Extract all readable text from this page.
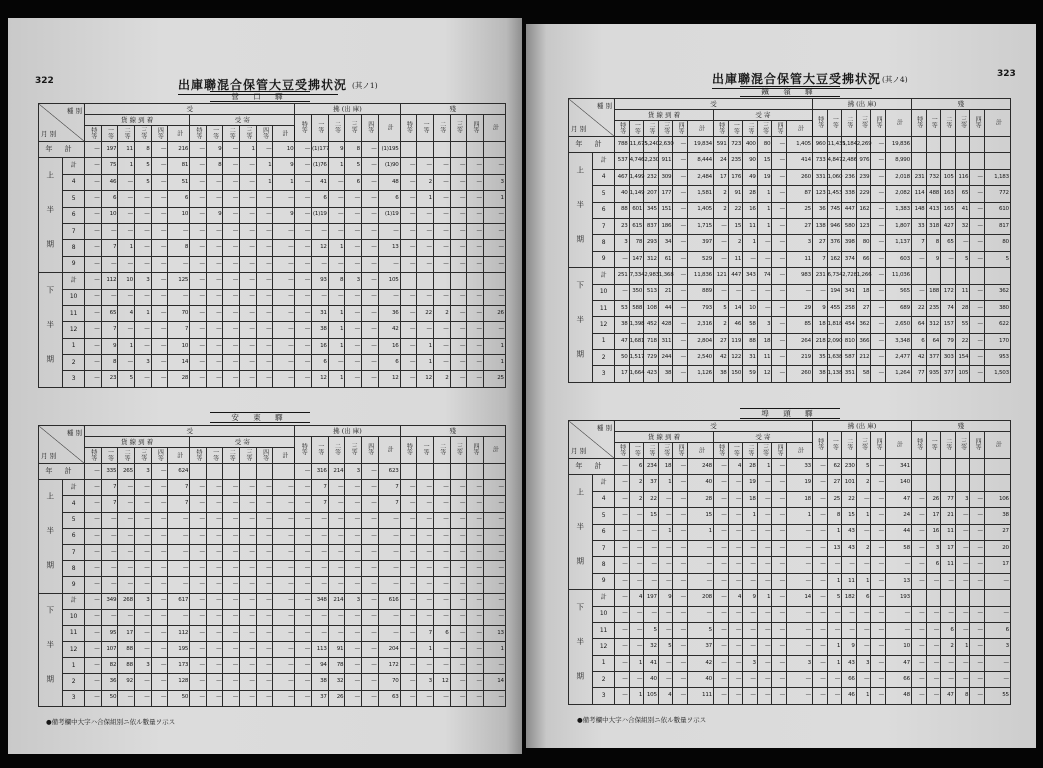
322	出庫聯混合保管大豆受拂状況 (其ノ1)
營 口 驛
種 別
月 別		受												拂 (出 庫)						殘					
		貨 線 到 着						受 寄						特等	一等	二等	三等	四等	計	特等	一等	二等	三等	四等	計
		特等	一等	二等	三等	四等	計	特等	一等	二等	三等	四等	計												
年 計		—	197	11	8	—	216	—	9	—	1	—	10	—	(1)177	9	8	—	(1)195						
上 半 期	計	—	75	1	5	—	81	—	8	—	—	1	9	—	(1)76	1	5	—	(1)90	—	—	—	—	—	—
	4	—	46	—	5	—	51	—	—	—	—	1	1	—	41	—	6	—	48	—	2	—	—	—	3
	5	—	6	—	—	—	6	—	—	—	—	—	—	—	6	—	—	—	6	—	1	—	—	—	1
	6	—	10	—	—	—	10	—	9	—	—	—	9	—	(1)19	—	—	—	(1)19	—	—	—	—	—	—
	7	—	—	—	—	—	—	—	—	—	—	—	—	—	—	—	—	—	—	—	—	—	—	—	—
	8	—	7	1	—	—	8	—	—	—	—	—	—	—	12	1	—	—	13	—	—	—	—	—	—
	9	—	—	—	—	—	—	—	—	—	—	—	—	—	—	—	—	—	—	—	—	—	—	—	—
下 半 期	計	—	112	10	3	—	125	—	—	—	—	—	—	—	93	8	3	—	105						
	10	—	—	—	—	—	—	—	—	—	—	—	—	—	—	—	—	—	—	—	—	—	—	—	—
	11	—	65	4	1	—	70	—	—	—	—	—	—	—	31	1	—	—	36	—	22	2	—	—	26
	12	—	7	—	—	—	7	—	—	—	—	—	—	—	38	1	—	—	42	—	—	—	—	—	—
	1	—	9	1	—	—	10	—	—	—	—	—	—	—	16	1	—	—	16	—	1	—	—	—	1
	2	—	8	—	3	—	14	—	—	—	—	—	—	—	6	—	—	—	6	—	1	—	—	—	1
	3	—	23	5	—	—	28	—	—	—	—	—	—	—	12	1	—	—	12	—	12	2	—	—	25
安 東 驛
種 別
月 別		受												拂 (出 庫)						殘					
		貨 線 到 着						受 寄						特等	一等	二等	三等	四等	計	特等	一等	二等	三等	四等	計
		特等	一等	二等	三等	四等	計	特等	一等	二等	三等	四等	計												
年 計		—	335	265	3	—	624							—	316	214	3	—	623						
上 半 期	計	—	7	—	—	—	7	—	—	—	—	—	—	—	7	—	—	—	7	—	—	—	—	—	—
	4	—	7	—	—	—	7	—	—	—	—	—	—	—	7	—	—	—	7	—	—	—	—	—	—
	5	—	—	—	—	—	—	—	—	—	—	—	—	—	—	—	—	—	—	—	—	—	—	—	—
	6	—	—	—	—	—	—	—	—	—	—	—	—	—	—	—	—	—	—	—	—	—	—	—	—
	7	—	—	—	—	—	—	—	—	—	—	—	—	—	—	—	—	—	—	—	—	—	—	—	—
	8	—	—	—	—	—	—	—	—	—	—	—	—	—	—	—	—	—	—	—	—	—	—	—	—
	9	—	—	—	—	—	—	—	—	—	—	—	—	—	—	—	—	—	—	—	—	—	—	—	—
下 半 期	計	—	349	268	3	—	617	—	—	—	—	—	—	—	348	214	3	—	616	—	—	—	—	—	—
	10	—	—	—	—	—	—	—	—	—	—	—	—	—	—	—	—	—	—	—	—	—	—	—	—
	11	—	95	17	—	—	112	—	—	—	—	—	—	—	—	—	—	—	—	—	7	6	—	—	13
	12	—	107	88	—	—	195	—	—	—	—	—	—	—	113	91	—	—	204	—	1	—	—	—	1
	1	—	82	88	3	—	173	—	—	—	—	—	—	—	94	78	—	—	172	—	—	—	—	—	—
	2	—	36	92	—	—	128	—	—	—	—	—	—	—	38	32	—	—	70	—	3	12	—	—	14
	3	—	50	—	—	—	50	—	—	—	—	—	—	—	37	26	—	—	63	—	—	—	—	—	—
●備考欄中大字ハ合保組別ニ依ル數量ヲ示ス
出庫聯混合保管大豆受拂状況 (其ノ4)
323
鐵 嶺 驛
種 別
月 別		受												拂 (出 庫)						殘					
		貨 線 到 着						受 寄						特等	一等	二等	三等	四等	計	特等	一等	二等	三等	四等	計
		特等	一等	二等	三等	四等	計	特等	一等	二等	三等	四等	計												
年 計		788	11,675	5,240	2,630	—	19,834	591	723	400	80	—	1,405	960	11,431	5,184	2,269	—	19,836						
上 半 期	計	537	4,746	2,230	911	—	8,444	24	235	90	15	—	414	733	4,847	2,486	976	—	8,990						
	4	467	1,499	232	309	—	2,484	17	176	49	19	—	260	331	1,060	236	239	—	2,018	231	732	105	116	—	1,183
	5	40	1,149	207	177	—	1,581	2	91	28	1	—	87	123	1,453	338	229	—	2,082	114	488	163	65	—	772
	6	88	601	345	151	—	1,405	2	22	16	1	—	25	36	745	447	162	—	1,383	148	413	165	41	—	610
	7	23	615	837	186	—	1,715	—	15	11	1	—	27	138	946	580	123	—	1,807	33	318	427	32	—	817
	8	3	78	293	34	—	397	—	2	1	—	—	3	27	376	398	80	—	1,137	7	8	65	—	—	80
	9	—	147	312	61	—	529	—	11	—	—	—	11	7	162	374	66	—	603	—	9	—	5	—	5
下 半 期	計	251	7,334	2,983	1,368	—	11,836	121	447	343	74	—	983	231	6,734	2,728	1,266	—	11,036						
	10	—	350	513	21	—	889	—	—	—	—	—	—	—	194	341	18	—	565	—	188	172	11	—	362
	11	53	588	108	44	—	793	5	14	10	—	—	29	9	455	258	27	—	689	22	235	74	28	—	380
	12	38	1,398	452	428	—	2,316	2	46	58	3	—	85	18	1,818	454	362	—	2,650	64	312	157	55	—	622
	1	47	1,681	718	311	—	2,804	27	119	88	18	—	264	218	2,090	810	366	—	3,348	6	64	79	22	—	170
	2	50	1,517	729	244	—	2,540	42	122	31	11	—	219	35	1,638	587	212	—	2,477	42	377	303	154	—	953
	3	17	1,664	423	38	—	1,126	38	150	59	12	—	260	38	1,138	351	58	—	1,264	77	935	377	105	—	1,503
埠 頭 驛
種 別
月 別		受												拂 (出 庫)						殘					
		貨 線 到 着						受 寄						特等	一等	二等	三等	四等	計	特等	一等	二等	三等	四等	計
		特等	一等	二等	三等	四等	計	特等	一等	二等	三等	四等	計												
年 計		—	6	234	18	—	248	—	4	28	1	—	33	—	62	230	5	—	341						
上 半 期	計	—	2	37	1	—	40	—	—	19	—	—	19	—	27	101	2	—	140						
	4	—	2	22	—	—	28	—	—	18	—	—	18	—	25	22	—	—	47	—	26	77	3	—	106
	5	—	—	15	—	—	15	—	—	1	—	—	1	—	8	15	1	—	24	—	17	21	—	—	38
	6	—	—	—	1	—	1	—	—	—	—	—	—	—	1	43	—	—	44	—	16	11	—	—	27
	7	—	—	—	—	—	—	—	—	—	—	—	—	—	13	43	2	—	58	—	3	17	—	—	20
	8	—	—	—	—	—	—	—	—	—	—	—	—	—	—	—	—	—	—	—	6	11	—	—	17
	9	—	—	—	—	—	—	—	—	—	—	—	—	—	1	11	1	—	13	—	—	—	—	—	—
下 半 期	計	—	4	197	9	—	208	—	4	9	1	—	14	—	5	182	6	—	193						
	10	—	—	—	—	—	—	—	—	—	—	—	—	—	—	—	—	—	—	—	—	—	—	—	—
	11	—	—	5	—	—	5	—	—	—	—	—	—	—	—	—	—	—	—	—	—	6	—	—	6
	12	—	—	32	5	—	37	—	—	—	—	—	—	—	1	9	—	—	10	—	—	2	1	—	3
	1	—	1	41	—	—	42	—	—	3	—	—	3	—	1	43	3	—	47	—	—	—	—	—	—
	2	—	—	40	—	—	40	—	—	—	—	—	—	—	—	66	—	—	66	—	—	—	—	—	—
	3	—	1	105	4	—	111	—	—	—	—	—	—	—	—	46	1	—	48	—	—	47	8	—	55
●備考欄中大字ハ合保組別ニ依ル數量ヲ示ス
